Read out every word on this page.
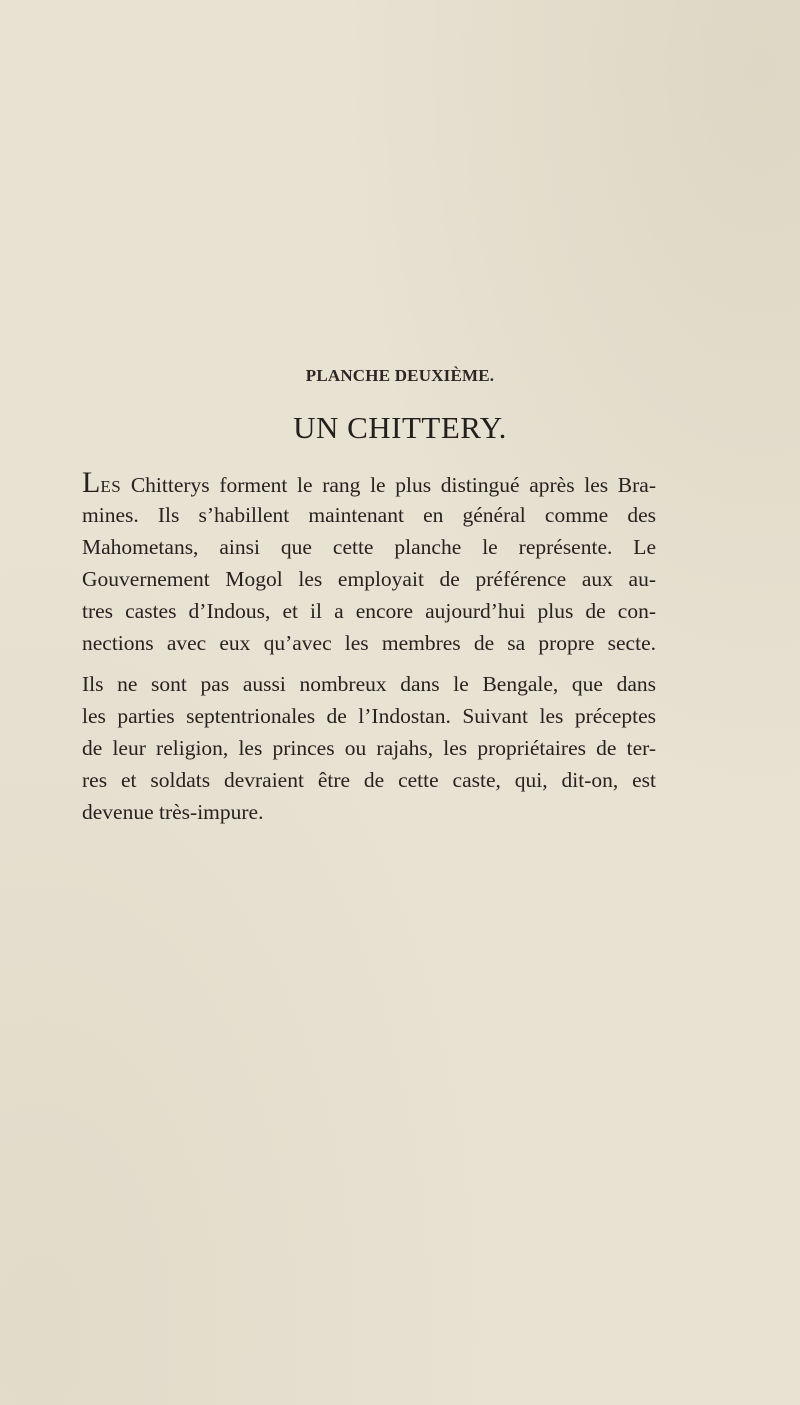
PLANCHE DEUXIÈME.
UN CHITTERY.
LES Chitterys forment le rang le plus distingué après les Bra-
mines. Ils s’habillent maintenant en général comme des
Mahometans, ainsi que cette planche le représente. Le
Gouvernement Mogol les employait de préférence aux au-
tres castes d’Indous, et il a encore aujourd’hui plus de con-
nections avec eux qu’avec les membres de sa propre secte.
Ils ne sont pas aussi nombreux dans le Bengale, que dans
les parties septentrionales de l’Indostan. Suivant les préceptes
de leur religion, les princes ou rajahs, les propriétaires de ter-
res et soldats devraient être de cette caste, qui, dit-on, est
devenue très-impure.
